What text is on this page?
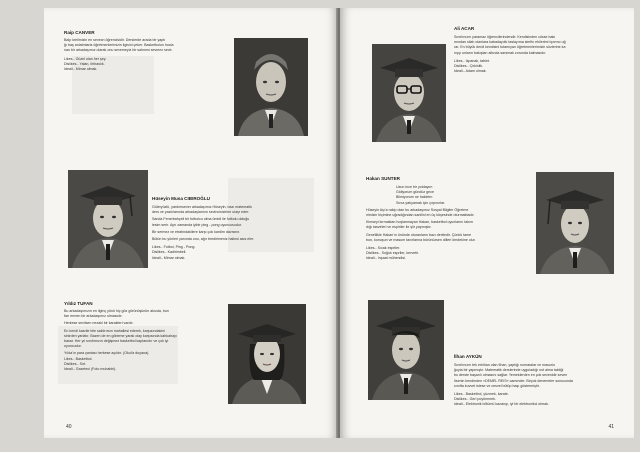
Raip CANVER
Balp kreilmizin en sevecn öğrencisidir. Derslerde arada bir yaptı
ğı baş anlatmlarla öğretmenlerimizin ilgisini çeker. Basketbolun hocla
nan bir arkadaşımız olarak onu sevemeyiz bir sahnesi sevmez sevir.
Likes.- Güzel olan her şey.
Dislikes.- Yalan, ihtiraslık.
İdeali.- Mimar olmak.
Hüseyin Musa CIBIROĞLU
Güleryüzlü, yardımsever arkadaşımız Hüseyin, bazı matematik
ders ve yazılılarında arkadaşlarının sevincinizirine ulaşr eder.
Sanda Fenerbahçeli bir futbolcu olma ümidi ile futbolu olduğu
lesim serir. Ayrı zamanda iyibir ping - pong oyuncusudur.
Bir sermez ve etrafındakilere karşı çok kardim davranır.
Bütün bu yönleri yanında onu, ağır bredirimeniz halinsi asıs eler.
Likes.- Futbol, Ping - Pong.
Dislikes.- Kadirimbeli.
İdeali.- Mimar olmak.
Yıldız TUFAN
Bu arkadaşımızın en ilginç yönü hiç göz görünüşünün aksıda, bun
farı ermen bir arkadaşımız olmasıdır.
Herkese sevilsen nezaki bir karakteri vardır.
En kendi kasrile bile saldırırsın mahallesi ederek, karşısındakini
sinirden yarlatır. Bazen de en göbeme yarak olay karşısında kahkahayı
basar. Her yıl sınıfımızın değişmez basketbol kaptanıdır ve çok iyi
oyuncudur.
Yılda'ın para çantası herkese açıktır. (Okul'a duyana).
Likes.- Basketbol.
Dislikes.- Sırt.
İdeali.- Gazeteci (Foto muhabiri).
40
Ali ACAR
Sınıfımızın yaramaz öğrencilerindendir. Kendisinden cüsse bakı
mından silah olanlara kabadayılık taslayıma simfin ehilerimi tıpırmo uğ
rar. En büyük derdi kendisini tutamıyan öğretmenlerimizin sözlerine ka
rışıp onların bakışları altında sarsmak zorunda kalmasıdır.
Likes.- İspanak, tablet.
Dislikes.- Çirkinlik.
İdeali.- Adam olmak.
Hakan SUNTER
Uzun ince bir yoldayım
Gidiyorum gündüz gece
Bilmiyorum ne haldeim
Sınıa yatıyamak için çırpınırlar.
Hüseyin Aşı'a rakip olan bu arkadaşımız Sosyal Bilgiler Öğretme
nimizin hiçimine uğradığından sanilini en üç köşesinde oturmaktadır.
Kimseyi kırmaktan hoşlanmayan Hakan, basketbol oyunlarını takım
dığı tasvirleri ve espiriler ile şiir yapmıştır.
Genellikle Hakan'ın önünde oturanların bazı derttedir. Çünkü tame
bun, konuşun ve masum tavırlarına bürünüzsen dilleri ömdekine olur.
Likes.- Sıcak espriler.
Dislikes.- Soğuk espriler, kervetir.
İdeali.- İnşaat mühendisi.
İlhan AYKÜN
Sınıfımızın tek erkihan olan İlhan, yaptığı numaralar ve masuriu
ğuyla bir yapmıştır. Matematik derslerinde uyguladığı not alma taktiği
bu derste başarılı olmasını sağlar. Yemeklerden en çok sevenidir seven
İlsenin kendinden «DEMEL REİS» cammder. Birçok denemeler sonucunda
sınıfta kuvvet istese ve cesvel bütüp başı göstermiştir.
Likes.- Basketbol, yüzmek, karate.
Dislikes.- Geri poyümmek.
İdeali.- Elektronik bölümü kazanıp, iyi bir elektronikci olmak.
41
